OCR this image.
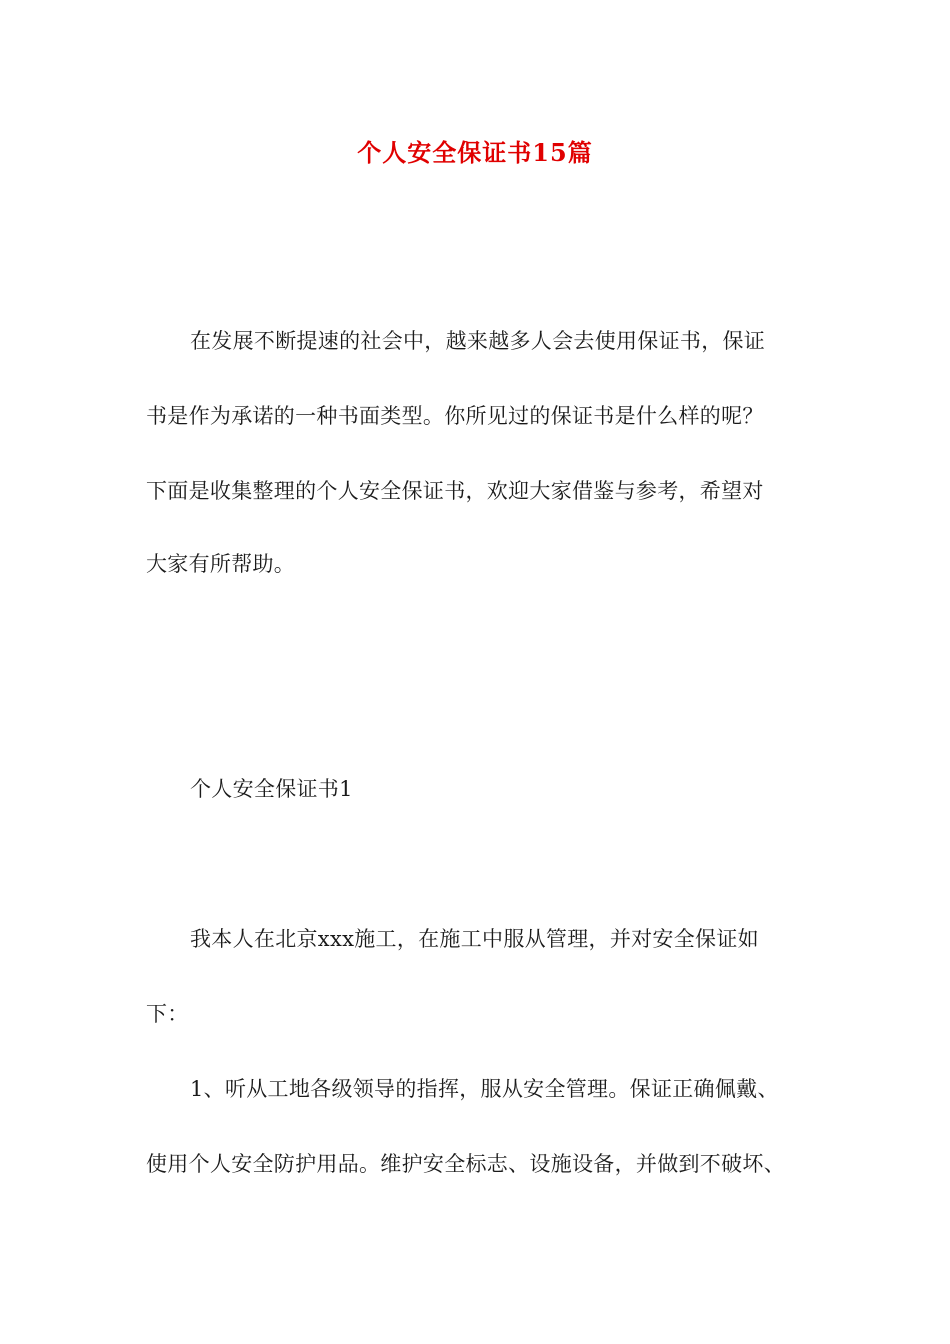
个人安全保证书15篇
在发展不断提速的社会中，越来越多人会去使用保证书，保证
书是作为承诺的一种书面类型。你所见过的保证书是什么样的呢？
下面是收集整理的个人安全保证书，欢迎大家借鉴与参考，希望对
大家有所帮助。
个人安全保证书1
我本人在北京xxx施工，在施工中服从管理，并对安全保证如
下：
1、听从工地各级领导的指挥，服从安全管理。保证正确佩戴、
使用个人安全防护用品。维护安全标志、设施设备，并做到不破坏、
